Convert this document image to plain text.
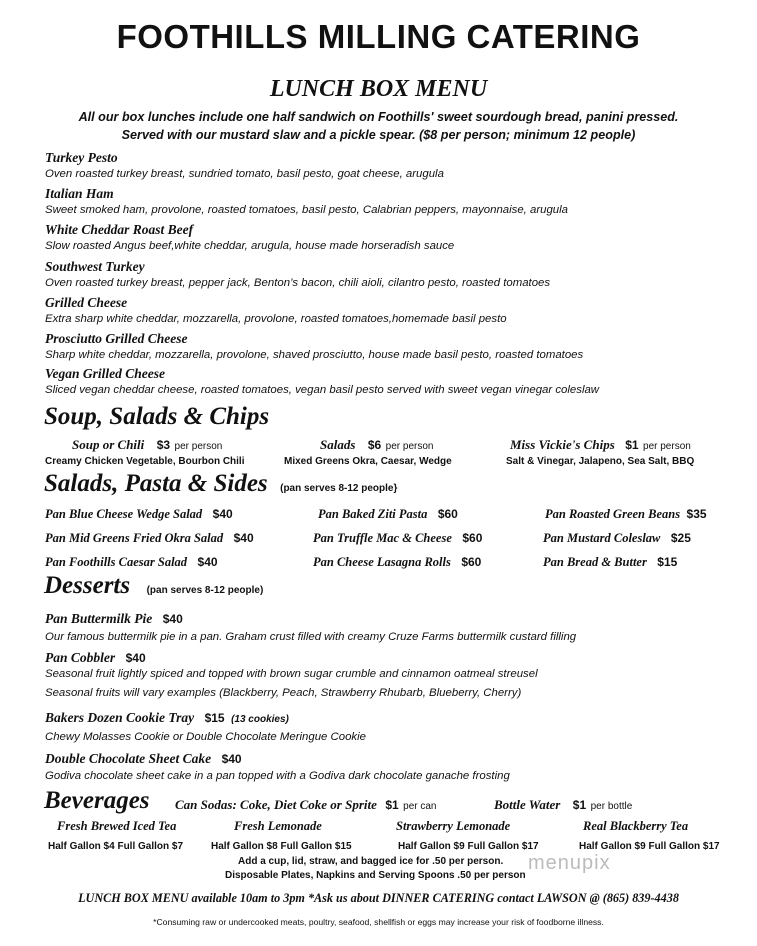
FOOTHILLS MILLING CATERING
LUNCH BOX MENU
All our box lunches include one half sandwich on Foothills' sweet sourdough bread, panini pressed.
Served with our mustard slaw and a pickle spear. ($8 per person; minimum 12 people)
Turkey Pesto
Oven roasted turkey breast, sundried tomato, basil pesto, goat cheese, arugula
Italian Ham
Sweet smoked ham, provolone, roasted tomatoes, basil pesto, Calabrian peppers, mayonnaise, arugula
White Cheddar Roast Beef
Slow roasted Angus beef,white cheddar, arugula, house made horseradish sauce
Southwest Turkey
Oven roasted turkey breast, pepper jack, Benton’s bacon, chili aioli, cilantro pesto, roasted tomatoes
Grilled Cheese
Extra sharp white cheddar, mozzarella, provolone, roasted tomatoes,homemade basil pesto
Prosciutto Grilled Cheese
Sharp white cheddar, mozzarella, provolone, shaved prosciutto, house made basil pesto, roasted tomatoes
Vegan Grilled Cheese
Sliced vegan cheddar cheese, roasted tomatoes, vegan basil pesto served with sweet vegan vinegar coleslaw
Soup, Salads & Chips
Soup or Chili $3 per person
Creamy Chicken Vegetable, Bourbon Chili
Salads $6 per person
Mixed Greens Okra, Caesar, Wedge
Miss Vickie's Chips $1 per person
Salt & Vinegar, Jalapeno, Sea Salt, BBQ
Salads, Pasta & Sides (pan serves 8-12 people}
Pan Blue Cheese Wedge Salad $40	Pan Baked Ziti Pasta $60	Pan Roasted Green Beans $35
Pan Mid Greens Fried Okra Salad $40	Pan Truffle Mac & Cheese $60	Pan Mustard Coleslaw $25
Pan Foothills Caesar Salad $40	Pan Cheese Lasagna Rolls $60	Pan Bread & Butter $15
Desserts (pan serves 8-12 people)
Pan Buttermilk Pie $40
Our famous buttermilk pie in a pan. Graham crust filled with creamy Cruze Farms buttermilk custard filling
Pan Cobbler $40
Seasonal fruit lightly spiced and topped with brown sugar crumble and cinnamon oatmeal streusel
Seasonal fruits will vary examples (Blackberry, Peach, Strawberry Rhubarb, Blueberry, Cherry)
Bakers Dozen Cookie Tray $15 (13 cookies)
Chewy Molasses Cookie or Double Chocolate Meringue Cookie
Double Chocolate Sheet Cake $40
Godiva chocolate sheet cake in a pan topped with a Godiva dark chocolate ganache frosting
Beverages Can Sodas: Coke, Diet Coke or Sprite $1 per can	Bottle Water $1 per bottle
Fresh Brewed Iced Tea	Fresh Lemonade	Strawberry Lemonade	Real Blackberry Tea
Half Gallon $4 Full Gallon $7	Half Gallon $8 Full Gallon $15	Half Gallon $9 Full Gallon $17	Half Gallon $9 Full Gallon $17
Add a cup, lid, straw, and bagged ice for .50 per person.
Disposable Plates, Napkins and Serving Spoons .50 per person
menupix
LUNCH BOX MENU available 10am to 3pm *Ask us about DINNER CATERING contact LAWSON @ (865) 839-4438
*Consuming raw or undercooked meats, poultry, seafood, shellfish or eggs may increase your risk of foodborne illness.
